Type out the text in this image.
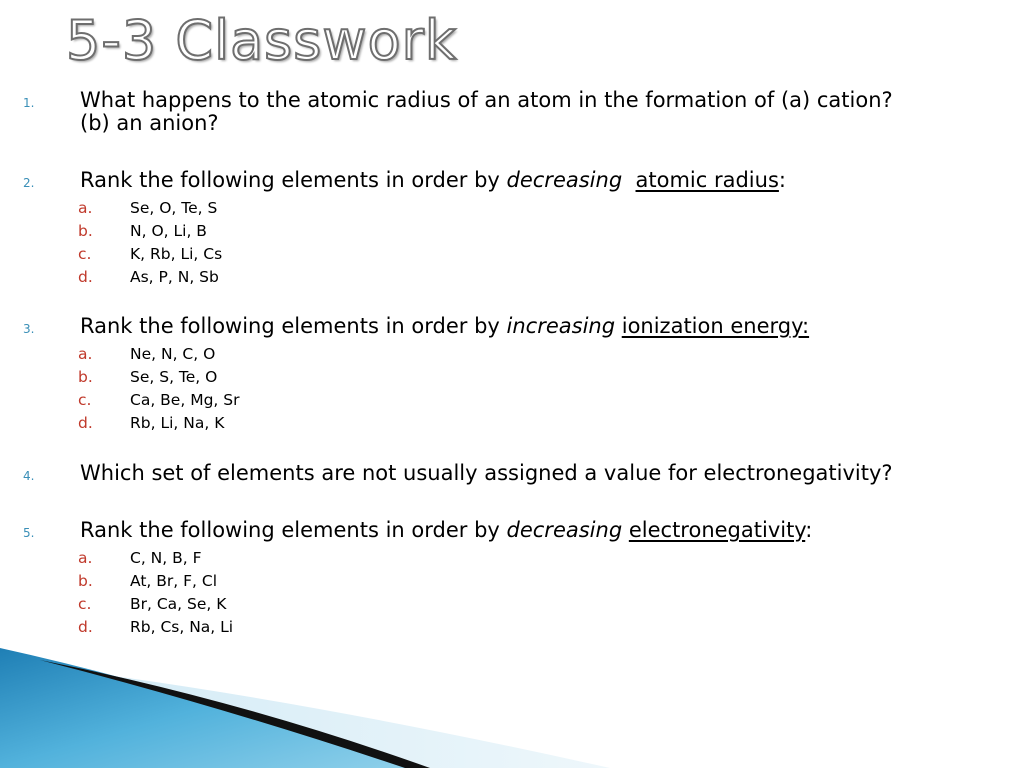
5-3 Classwork
1.	What happens to the atomic radius of an atom in the formation of (a) cation?
(b) an anion?
2.	Rank the following elements in order by decreasing atomic radius:
a.	Se, O, Te, S
b.	N, O, Li, B
c.	K, Rb, Li, Cs
d.	As, P, N, Sb
3.	Rank the following elements in order by increasing ionization energy:
a.	Ne, N, C, O
b.	Se, S, Te, O
c.	Ca, Be, Mg, Sr
d.	Rb, Li, Na, K
4.	Which set of elements are not usually assigned a value for electronegativity?
5.	Rank the following elements in order by decreasing electronegativity:
a.	C, N, B, F
b.	At, Br, F, Cl
c.	Br, Ca, Se, K
d.	Rb, Cs, Na, Li
